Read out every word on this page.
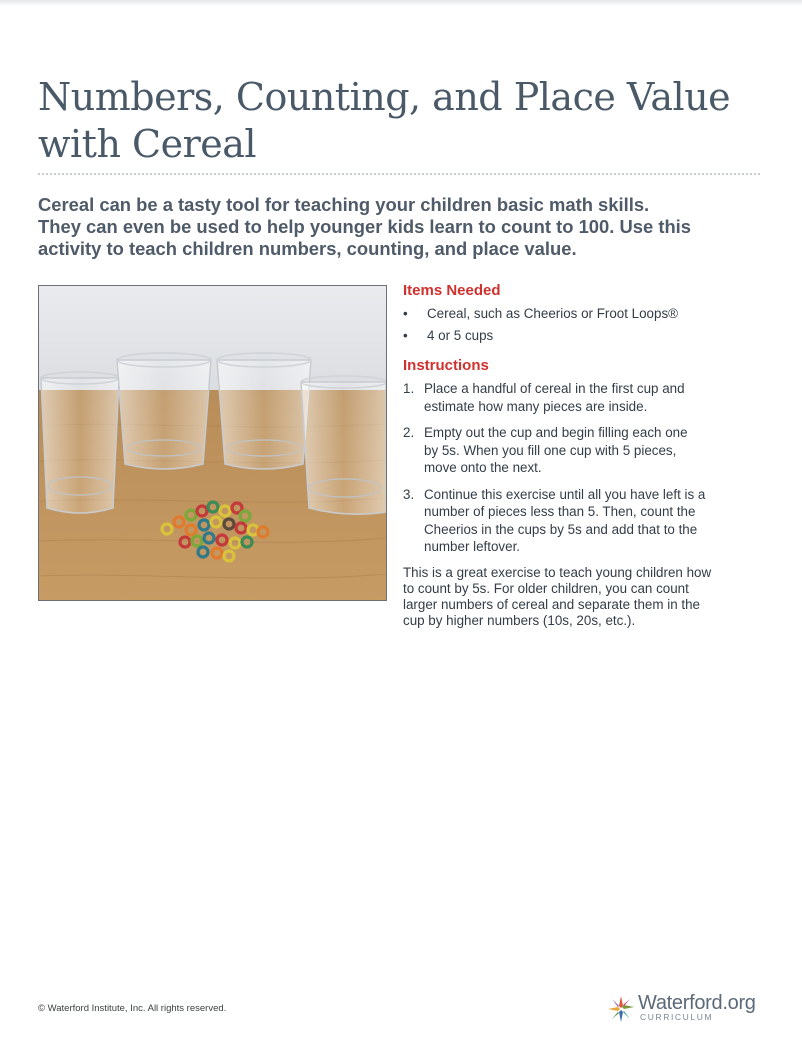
Numbers, Counting, and Place Value
with Cereal
Cereal can be a tasty tool for teaching your children basic math skills.
They can even be used to help younger kids learn to count to 100. Use this
activity to teach children numbers, counting, and place value.
Items Needed
• Cereal, such as Cheerios or Froot Loops®
• 4 or 5 cups
Instructions
1. Place a handful of cereal in the first cup and
estimate how many pieces are inside.
2. Empty out the cup and begin filling each one
by 5s. When you fill one cup with 5 pieces,
move onto the next.
3. Continue this exercise until all you have left is a
number of pieces less than 5. Then, count the
Cheerios in the cups by 5s and add that to the
number leftover.
This is a great exercise to teach young children how
to count by 5s. For older children, you can count
larger numbers of cereal and separate them in the
cup by higher numbers (10s, 20s, etc.).
© Waterford Institute, Inc. All rights reserved.	Waterford.org
CURRICULUM
